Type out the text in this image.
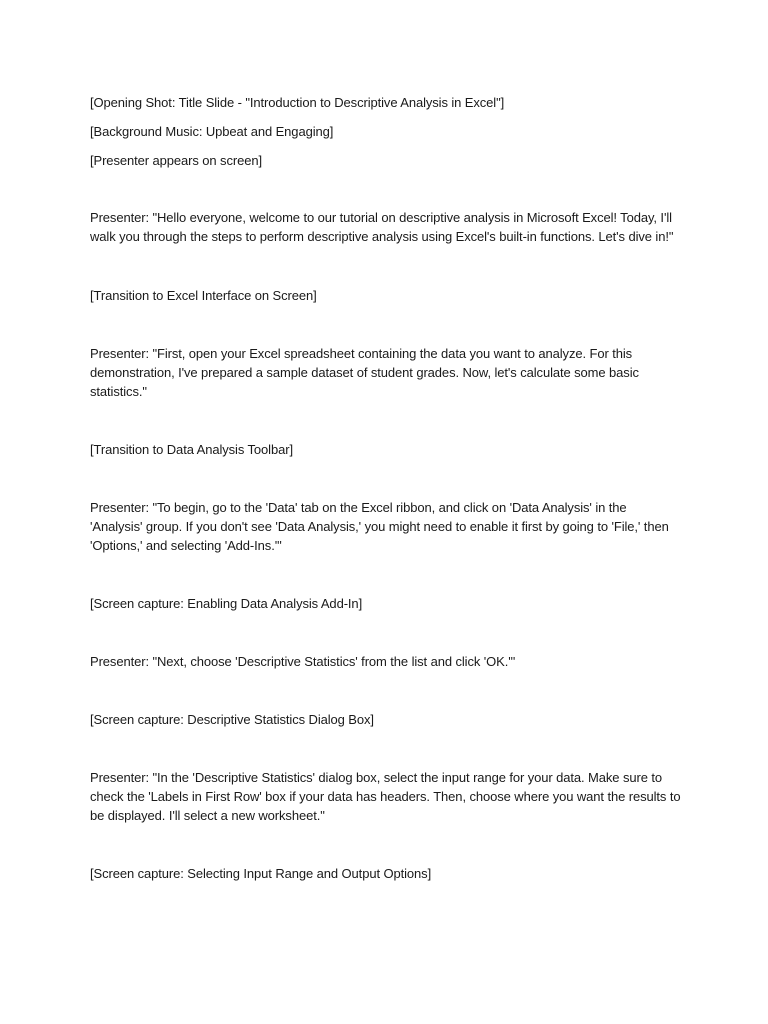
[Opening Shot: Title Slide - "Introduction to Descriptive Analysis in Excel"]

[Background Music: Upbeat and Engaging]

[Presenter appears on screen]

Presenter: "Hello everyone, welcome to our tutorial on descriptive analysis in Microsoft Excel! Today, I'll
walk you through the steps to perform descriptive analysis using Excel's built-in functions. Let's dive in!"

[Transition to Excel Interface on Screen]

Presenter: "First, open your Excel spreadsheet containing the data you want to analyze. For this
demonstration, I've prepared a sample dataset of student grades. Now, let's calculate some basic
statistics."

[Transition to Data Analysis Toolbar]

Presenter: "To begin, go to the 'Data' tab on the Excel ribbon, and click on 'Data Analysis' in the
'Analysis' group. If you don't see 'Data Analysis,' you might need to enable it first by going to 'File,' then
'Options,' and selecting 'Add-Ins.'"

[Screen capture: Enabling Data Analysis Add-In]

Presenter: "Next, choose 'Descriptive Statistics' from the list and click 'OK.'"

[Screen capture: Descriptive Statistics Dialog Box]

Presenter: "In the 'Descriptive Statistics' dialog box, select the input range for your data. Make sure to
check the 'Labels in First Row' box if your data has headers. Then, choose where you want the results to
be displayed. I'll select a new worksheet."

[Screen capture: Selecting Input Range and Output Options]
